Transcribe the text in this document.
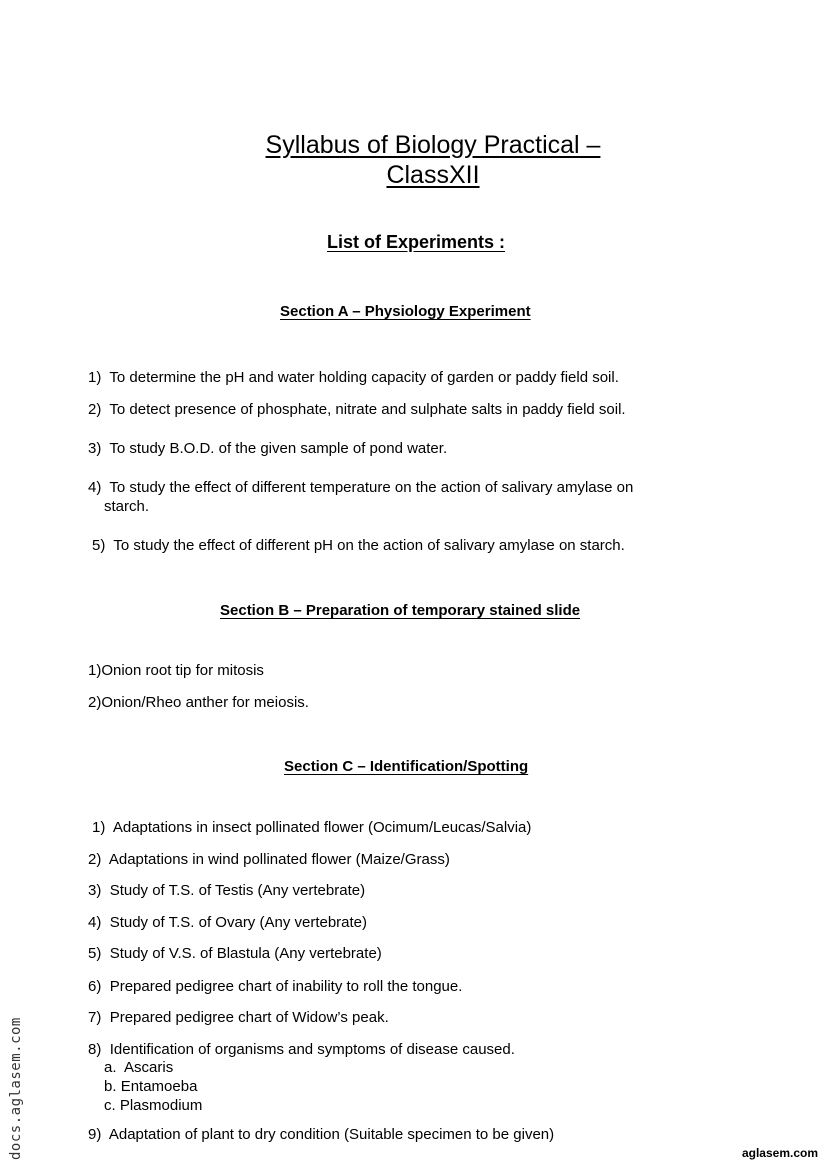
Syllabus of Biology Practical –
ClassXII
List of Experiments :
Section A – Physiology Experiment
1) To determine the pH and water holding capacity of garden or paddy field soil.
2) To detect presence of phosphate, nitrate and sulphate salts in paddy field soil.
3) To study B.O.D. of the given sample of pond water.
4) To study the effect of different temperature on the action of salivary amylase on
starch.
5) To study the effect of different pH on the action of salivary amylase on starch.
Section B – Preparation of temporary stained slide
1)Onion root tip for mitosis
2)Onion/Rheo anther for meiosis.
Section C – Identification/Spotting
1) Adaptations in insect pollinated flower (Ocimum/Leucas/Salvia)
2) Adaptations in wind pollinated flower (Maize/Grass)
3) Study of T.S. of Testis (Any vertebrate)
4) Study of T.S. of Ovary (Any vertebrate)
5) Study of V.S. of Blastula (Any vertebrate)
6) Prepared pedigree chart of inability to roll the tongue.
7) Prepared pedigree chart of Widow’s peak.
8) Identification of organisms and symptoms of disease caused.
a. Ascaris
b. Entamoeba
c. Plasmodium
9) Adaptation of plant to dry condition (Suitable specimen to be given)
docs.aglasem.com	aglasem.com
